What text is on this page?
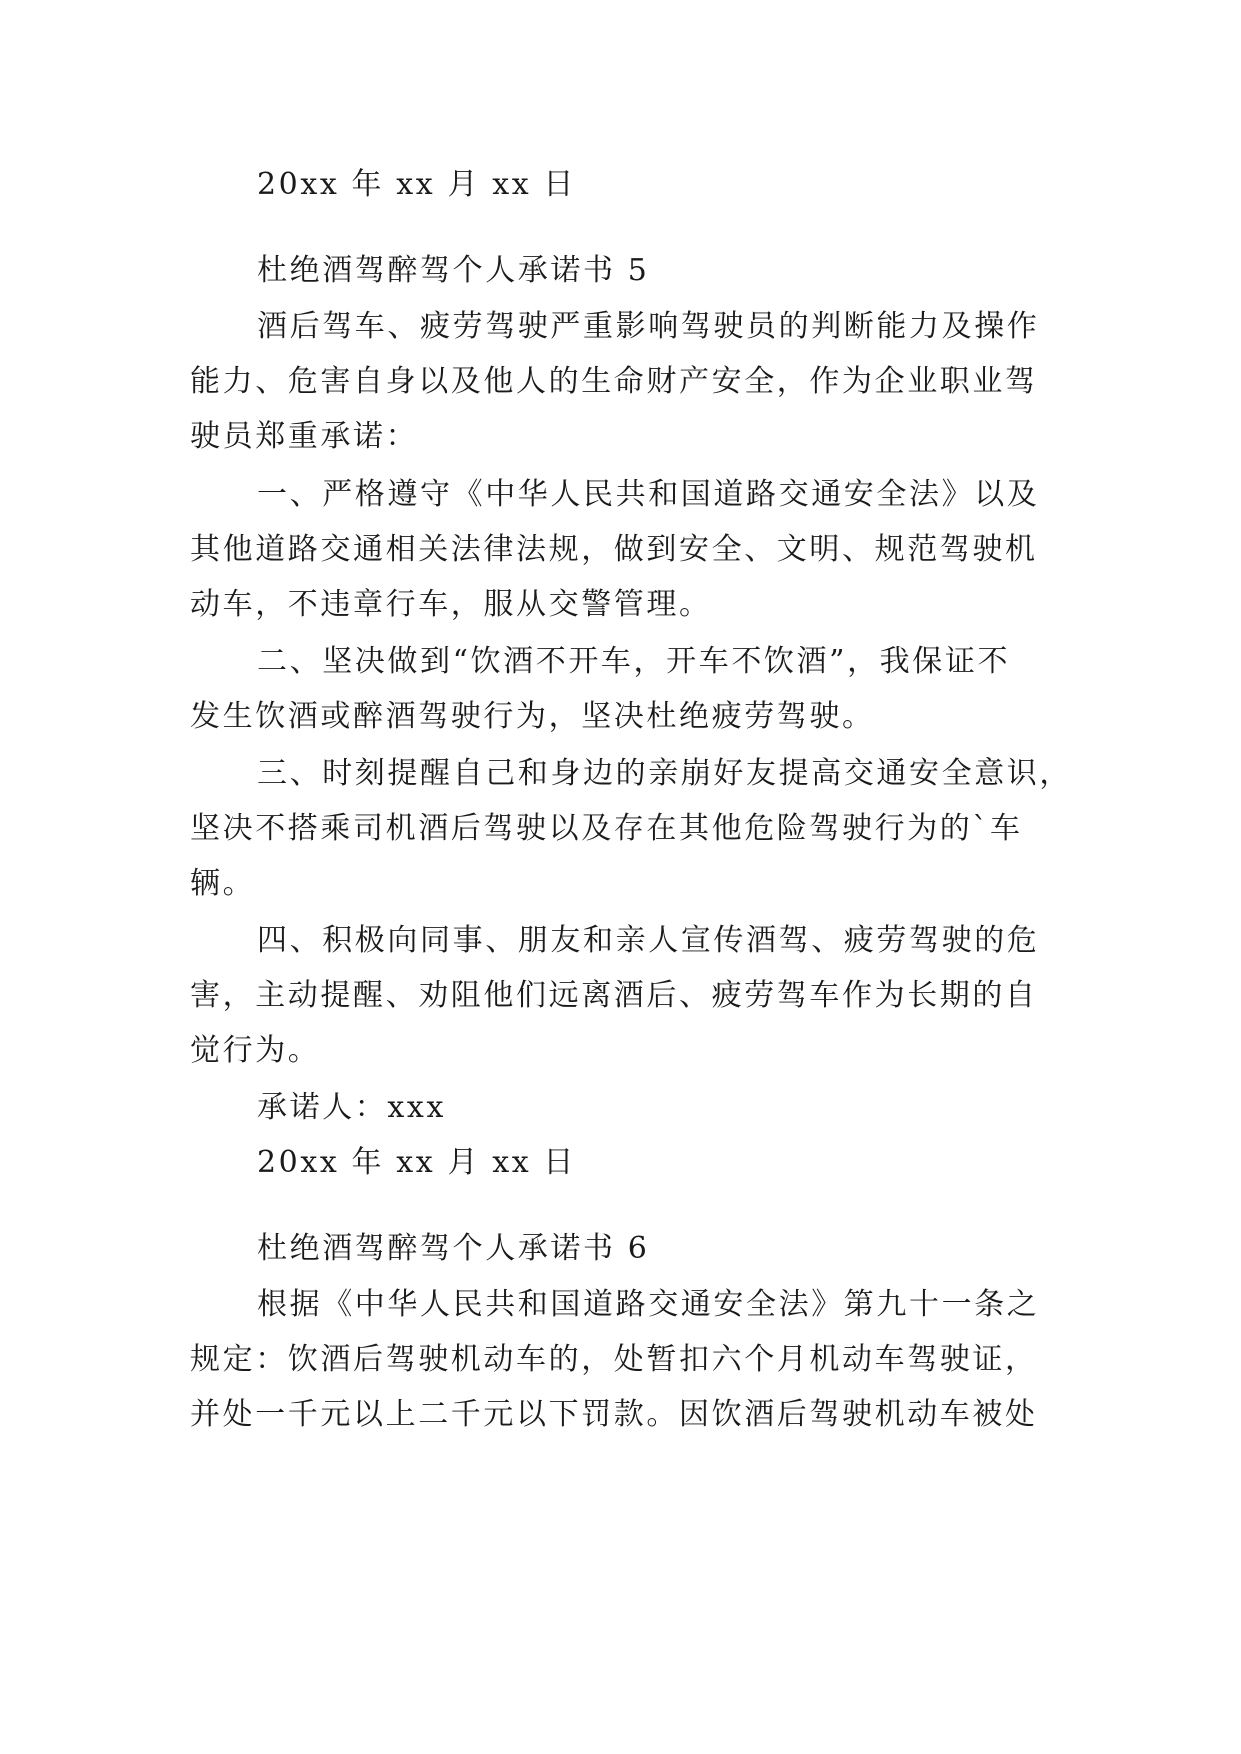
20xx 年 xx 月 xx 日

杜绝酒驾醉驾个人承诺书 5

酒后驾车、疲劳驾驶严重影响驾驶员的判断能力及操作

能力、危害自身以及他人的生命财产安全，作为企业职业驾

驶员郑重承诺：

一、严格遵守《中华人民共和国道路交通安全法》以及

其他道路交通相关法律法规，做到安全、文明、规范驾驶机

动车，不违章行车，服从交警管理。

二、坚决做到“饮酒不开车，开车不饮酒”，我保证不

发生饮酒或醉酒驾驶行为，坚决杜绝疲劳驾驶。

三、时刻提醒自己和身边的亲崩好友提高交通安全意识，

坚决不搭乘司机酒后驾驶以及存在其他危险驾驶行为的`车

辆。

四、积极向同事、朋友和亲人宣传酒驾、疲劳驾驶的危

害，主动提醒、劝阻他们远离酒后、疲劳驾车作为长期的自

觉行为。

承诺人：xxx

20xx 年 xx 月 xx 日

杜绝酒驾醉驾个人承诺书 6

根据《中华人民共和国道路交通安全法》第九十一条之

规定：饮酒后驾驶机动车的，处暂扣六个月机动车驾驶证，

并处一千元以上二千元以下罚款。因饮酒后驾驶机动车被处
